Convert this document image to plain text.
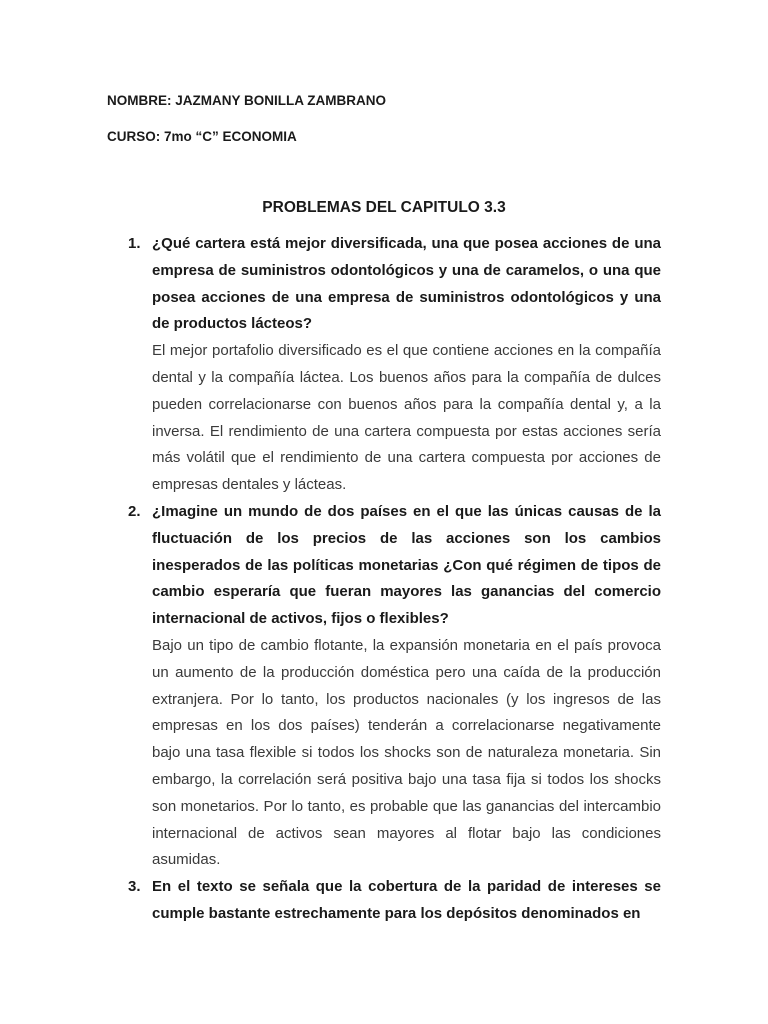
NOMBRE: JAZMANY BONILLA ZAMBRANO
CURSO: 7mo “C” ECONOMIA
PROBLEMAS DEL CAPITULO 3.3
1. ¿Qué cartera está mejor diversificada, una que posea acciones de una empresa de suministros odontológicos y una de caramelos, o una que posea acciones de una empresa de suministros odontológicos y una de productos lácteos?

El mejor portafolio diversificado es el que contiene acciones en la compañía dental y la compañía láctea. Los buenos años para la compañía de dulces pueden correlacionarse con buenos años para la compañía dental y, a la inversa. El rendimiento de una cartera compuesta por estas acciones sería más volátil que el rendimiento de una cartera compuesta por acciones de empresas dentales y lácteas.

2. ¿Imagine un mundo de dos países en el que las únicas causas de la fluctuación de los precios de las acciones son los cambios inesperados de las políticas monetarias ¿Con qué régimen de tipos de cambio esperaría que fueran mayores las ganancias del comercio internacional de activos, fijos o flexibles?

Bajo un tipo de cambio flotante, la expansión monetaria en el país provoca un aumento de la producción doméstica pero una caída de la producción extranjera. Por lo tanto, los productos nacionales (y los ingresos de las empresas en los dos países) tenderán a correlacionarse negativamente bajo una tasa flexible si todos los shocks son de naturaleza monetaria. Sin embargo, la correlación será positiva bajo una tasa fija si todos los shocks son monetarios. Por lo tanto, es probable que las ganancias del intercambio internacional de activos sean mayores al flotar bajo las condiciones asumidas.

3. En el texto se señala que la cobertura de la paridad de intereses se cumple bastante estrechamente para los depósitos denominados en
